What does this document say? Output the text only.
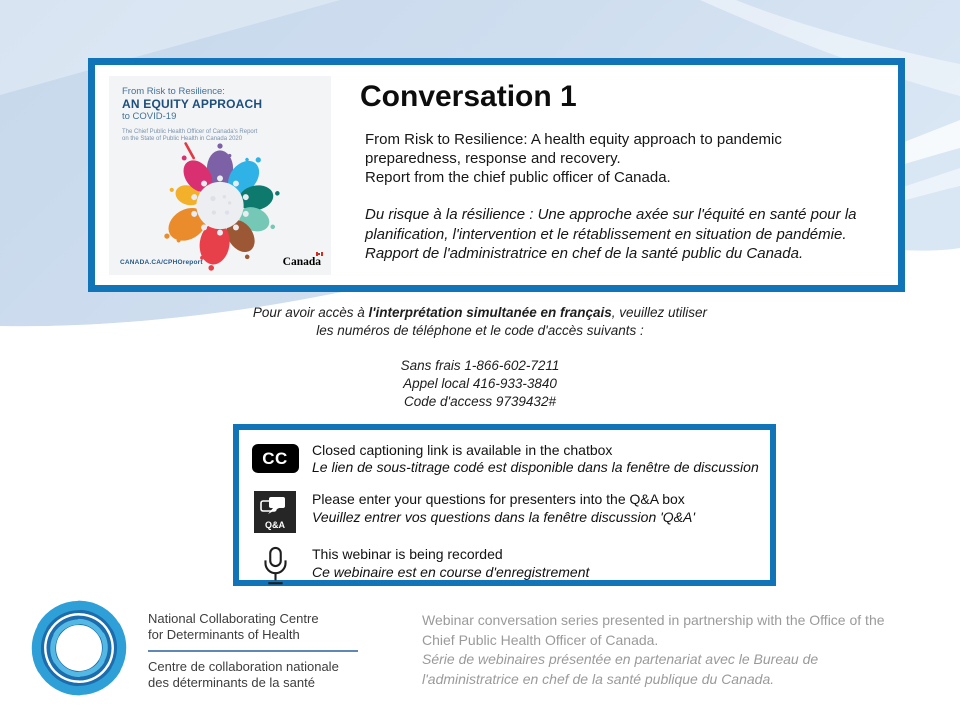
From Risk to Resilience:
AN EQUITY APPROACH
to COVID-19
The Chief Public Health Officer of Canada's Report
on the State of Public Health in Canada 2020
CANADA.CA/CPHOreport	Canada
Conversation 1
From Risk to Resilience: A health equity approach to pandemic preparedness, response and recovery.
Report from the chief public officer of Canada.
Du risque à la résilience : Une approche axée sur l'équité en santé pour la planification, l'intervention et le rétablissement en situation de pandémie.
Rapport de l'administratrice en chef de la santé public du Canada.
Pour avoir accès à l'interprétation simultanée en français, veuillez utiliser
les numéros de téléphone et le code d'accès suivants :
Sans frais 1-866-602-7211
Appel local 416-933-3840
Code d'access 9739432#
CC	Closed captioning link is available in the chatbox
Le lien de sous-titrage codé est disponible dans la fenêtre de discussion
Q&A
Please enter your questions for presenters into the Q&A box
Veuillez entrer vos questions dans la fenêtre discussion 'Q&A'
This webinar is being recorded
Ce webinaire est en course d'enregistrement
National Collaborating Centre
for Determinants of Health
Centre de collaboration nationale
des déterminants de la santé
Webinar conversation series presented in partnership with the Office of the Chief Public Health Officer of Canada.
Série de webinaires présentée en partenariat avec le Bureau de l'administratrice en chef de la santé publique du Canada.
